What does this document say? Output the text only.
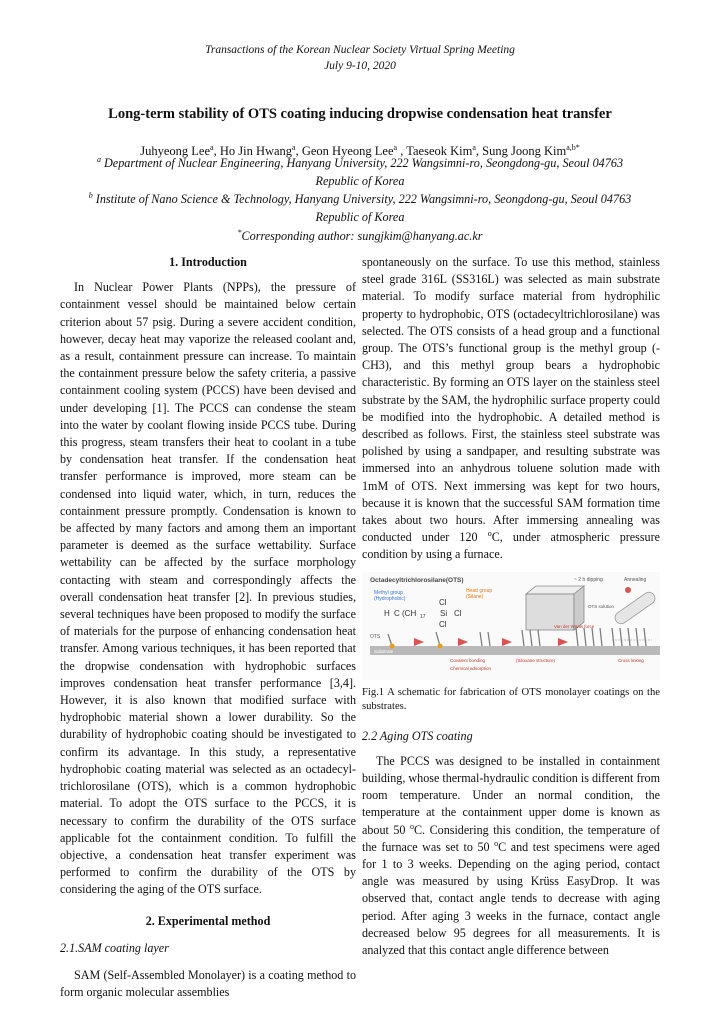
Transactions of the Korean Nuclear Society Virtual Spring Meeting
July 9-10, 2020
Long-term stability of OTS coating inducing dropwise condensation heat transfer
Juhyeong Lee$^a$, Ho Jin Hwang$^a$, Geon Hyeong Lee$^a$ , Taeseok Kim$^a$, Sung Joong Kim$^{a,b*}$
$^a$ Department of Nuclear Engineering, Hanyang University, 222 Wangsimni-ro, Seongdong-gu, Seoul 04763
Republic of Korea
$^b$ Institute of Nano Science & Technology, Hanyang University, 222 Wangsimni-ro, Seongdong-gu, Seoul 04763
Republic of Korea
*Corresponding author: sungjkim@hanyang.ac.kr

1. Introduction

In Nuclear Power Plants (NPPs), the pressure of containment vessel should be maintained below certain criterion about 57 psig. During a severe accident condition, however, decay heat may vaporize the released coolant and, as a result, containment pressure can increase. To maintain the containment pressure below the safety criteria, a passive containment cooling system (PCCS) have been devised and under developing [1]. The PCCS can condense the steam into the water by coolant flowing inside PCCS tube. During this progress, steam transfers their heat to coolant in a tube by condensation heat transfer. If the condensation heat transfer performance is improved, more steam can be condensed into liquid water, which, in turn, reduces the containment pressure promptly. Condensation is known to be affected by many factors and among them an important parameter is deemed as the surface wettability. Surface wettability can be affected by the surface morphology contacting with steam and correspondingly affects the overall condensation heat transfer [2]. In previous studies, several techniques have been proposed to modify the surface of materials for the purpose of enhancing condensation heat transfer. Among various techniques, it has been reported that the dropwise condensation with hydrophobic surfaces improves condensation heat transfer performance [3,4]. However, it is also known that modified surface with hydrophobic material shown a lower durability. So the durability of hydrophobic coating should be investigated to confirm its advantage. In this study, a representative hydrophobic coating material was selected as an octadecyl-trichlorosilane (OTS), which is a common hydrophobic material. To adopt the OTS surface to the PCCS, it is necessary to confirm the durability of the OTS surface applicable fot the containment condition. To fulfill the objective, a condensation heat transfer experiment was performed to confirm the durability of the OTS by considering the aging of the OTS surface.

2. Experimental method

2.1.SAM coating layer

SAM (Self-Assembled Monolayer) is a coating method to form organic molecular assemblies

spontaneously on the surface. To use this method, stainless steel grade 316L (SS316L) was selected as main substrate material. To modify surface material from hydrophilic property to hydrophobic, OTS (octadecyltrichlorosilane) was selected. The OTS consists of a head group and a functional group. The OTS’s functional group is the methyl group (-CH3), and this methyl group bears a hydrophobic characteristic. By forming an OTS layer on the stainless steel substrate by the SAM, the hydrophilic surface property could be modified into the hydrophobic. A detailed method is described as follows. First, the stainless steel substrate was polished by using a sandpaper, and resulting substrate was immersed into an anhydrous toluene solution made with 1mM of OTS. Next immersing was kept for two hours, because it is known that the successful SAM formation time takes about two hours. After immersing annealing was conducted under 120 $^o$C, under atmospheric pressure condition by using a furnace.

Octadecyltrichlorosilane(OTS)
Methyl group
(Hydrophobic)
Head group
(Silane)
H C (CH 17 Si
Cl
Cl
Cl
~ 2 h dipping	Annealing
OTS solution
OTS
Substrate
Van der Waals force
Covalent bonding	(Siloxane structure)
Chemical adsorption
Cross linking

Fig.1 A schematic for fabrication of OTS monolayer coatings on the substrates.

2.2 Aging OTS coating

The PCCS was designed to be installed in containment building, whose thermal-hydraulic condition is different from room temperature. Under an normal condition, the temperature at the containment upper dome is known as about 50 $^o$C. Considering this condition, the temperature of the furnace was set to 50 $^o$C and test specimens were aged for 1 to 3 weeks. Depending on the aging period, contact angle was measured by using Krüss EasyDrop. It was observed that, contact angle tends to decrease with aging period. After aging 3 weeks in the furnace, contact angle decreased below 95 degrees for all measurements. It is analyzed that this contact angle difference between
